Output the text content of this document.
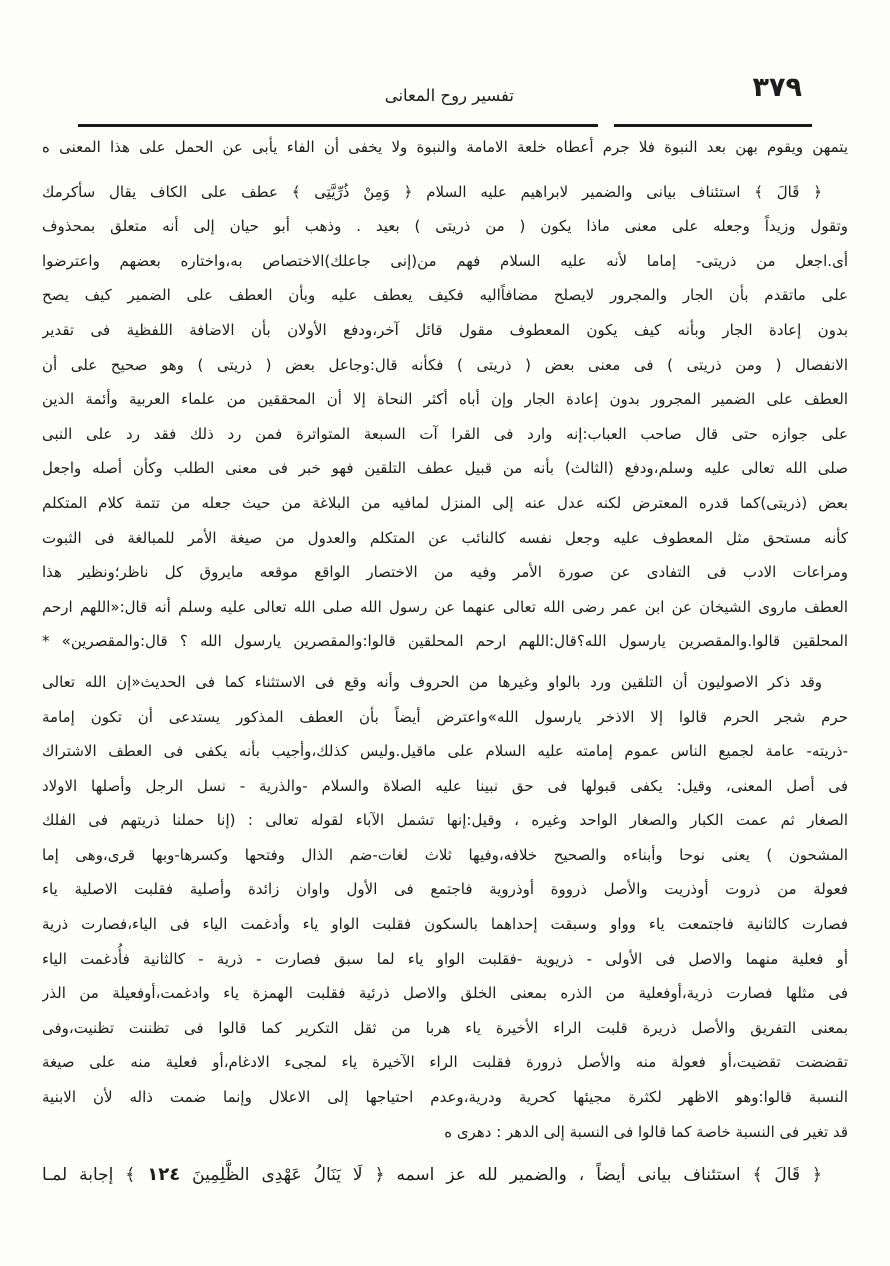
٣٧٩
تفسير روح المعانى
يتمهن ويقوم بهن بعد النبوة فلا جرم أعطاه خلعة الامامة والنبوة ولا يخفى أن الفاء يأبى عن الحمل على هذا المعنى ه
﴿ قَالَ ﴾ استئناف بيانى والضمير لابراهيم عليه السلام ﴿ وَمِنْ ذُرِّيَّتِى ﴾ عطف على الكاف يقال سأكرمك
وتقول وزيداً وجعله على معنى ماذا يكون ( من ذريتى ) بعيد . وذهب أبو حيان إلى أنه متعلق بمحذوف
أى.اجعل من ذريتى- إماما لأنه عليه السلام فهم من(إنى جاعلك)الاختصاص به،واختاره بعضهم واعترضوا
على ماتقدم بأن الجار والمجرور لايصلح مضافاًاليه فكيف يعطف عليه وبأن العطف على الضمير كيف يصح
بدون إعادة الجار وبأنه كيف يكون المعطوف مقول قائل آخر،ودفع الأولان بأن الاضافة اللفظية فى تقدير
الانفصال ( ومن ذريتى ) فى معنى بعض ( ذريتى ) فكأنه قال:وجاعل بعض ( ذريتى ) وهو صحيح على أن
العطف على الضمير المجرور بدون إعادة الجار وإن أباه أكثر النحاة إلا أن المحققين من علماء العربية وأئمة الدين
على جوازه حتى قال صاحب العباب:إنه وارد فى القرا آت السبعة المتواترة فمن رد ذلك فقد رد على النبى
صلى الله تعالى عليه وسلم،ودفع (الثالث) بأنه من قبيل عطف التلقين فهو خبر فى معنى الطلب وكأن أصله واجعل
بعض (ذريتى)كما قدره المعترض لكنه عدل عنه إلى المنزل لمافيه من البلاغة من حيث جعله من تتمة كلام المتكلم
كأنه مستحق مثل المعطوف عليه وجعل نفسه كالنائب عن المتكلم والعدول من صيغة الأمر للمبالغة فى الثبوت
ومراعات الادب فى التفادى عن صورة الأمر وفيه من الاختصار الواقع موقعه مايروق كل ناظر؛ونظير هذا
العطف ماروى الشيخان عن ابن عمر رضى الله تعالى عنهما عن رسول الله صلى الله تعالى عليه وسلم أنه قال:«اللهم ارحم
المحلقين قالوا.والمقصرين يارسول الله؟قال:اللهم ارحم المحلقين قالوا:والمقصرين يارسول الله ؟ قال:والمقصرين» *
وقد ذكر الاصوليون أن التلقين ورد بالواو وغيرها من الحروف وأنه وقع فى الاستثناء كما فى الحديث«إن الله تعالى
حرم شجر الحرم قالوا إلا الاذخر يارسول الله»واعترض أيضاً بأن العطف المذكور يستدعى أن تكون إمامة
-ذريته- عامة لجميع الناس عموم إمامته عليه السلام على ماقيل.وليس كذلك،وأجيب بأنه يكفى فى العطف الاشتراك
فى أصل المعنى، وقيل: يكفى قبولها فى حق نبينا عليه الصلاة والسلام -والذرية - نسل الرجل وأصلها الاولاد
الصغار ثم عمت الكبار والصغار الواحد وغيره ، وقيل:إنها تشمل الآباء لقوله تعالى : (إنا حملنا ذريتهم فى الفلك
المشحون ) يعنى نوحا وأبناءه والصحيح خلافه،وفيها ثلاث لغات-ضم الذال وفتحها وكسرها-وبها قرى،وهى إما
فعولة من ذروت أوذريت والأصل ذرووة أوذروية فاجتمع فى الأول واوان زائدة وأصلية فقلبت الاصلية ياء
فصارت كالثانية فاجتمعت ياء وواو وسبقت إحداهما بالسكون فقلبت الواو ياء وأدغمت الياء فى الياء،فصارت ذرية
أو فعلية منهما والاصل فى الأولى - ذريوية -فقلبت الواو ياء لما سبق فصارت - ذرية - كالثانية فأُدغمت الياء
فى مثلها فصارت ذرية،أوفعلية من الذره بمعنى الخلق والاصل ذرئية فقلبت الهمزة ياء وادغمت،أوفعيلة من الذر
بمعنى التفريق والأصل ذريرة قلبت الراء الأخيرة ياء هربا من ثقل التكرير كما قالوا فى تظننت تظنيت،وفى
تقضضت تقضيت،أو فعولة منه والأصل ذرورة فقلبت الراء الآخيرة ياء لمجىء الادغام،أو فعلية منه على صيغة
النسبة قالوا:وهو الاظهر لكثرة مجيئها كحرية ودرية،وعدم احتياجها إلى الاعلال وإنما ضمت ذاله لأن الابنية
قد تغير فى النسبة خاصة كما قالوا فى النسبة إلى الدهر : دهرى ه
﴿ قَالَ ﴾ استئناف بيانى أيضاً ، والضمير لله عز اسمه ﴿ لَا يَنَالُ عَهْدِى الظَّلِمِينَ ١٢٤ ﴾ إجابة لمـا
